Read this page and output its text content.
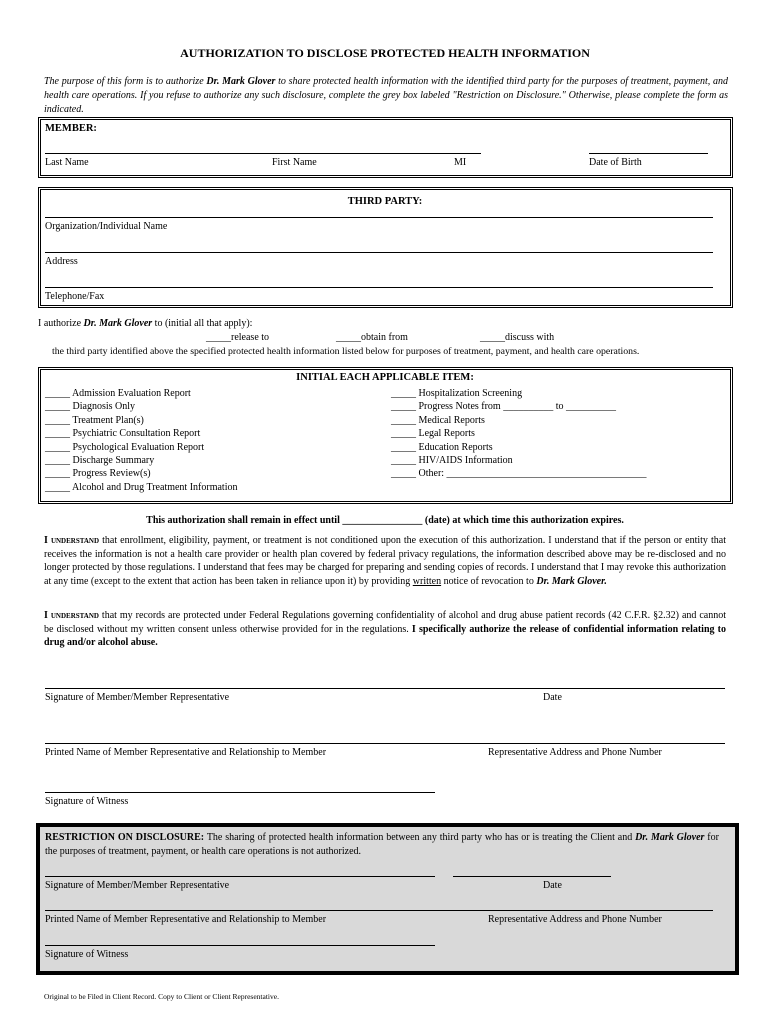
AUTHORIZATION TO DISCLOSE PROTECTED HEALTH INFORMATION
The purpose of this form is to authorize Dr. Mark Glover to share protected health information with the identified third party for the purposes of treatment, payment, and health care operations. If you refuse to authorize any such disclosure, complete the grey box labeled "Restriction on Disclosure." Otherwise, please complete the form as indicated.
MEMBER:
Last Name	First Name	MI	Date of Birth
THIRD PARTY:
Organization/Individual Name
Address
Telephone/Fax
I authorize Dr. Mark Glover to (initial all that apply):
_____release to	_____obtain from	_____discuss with
the third party identified above the specified protected health information listed below for purposes of treatment, payment, and health care operations.
INITIAL EACH APPLICABLE ITEM:
_____ Admission Evaluation Report
_____ Diagnosis Only
_____ Treatment Plan(s)
_____ Psychiatric Consultation Report
_____ Psychological Evaluation Report
_____ Discharge Summary
_____ Progress Review(s)
_____ Alcohol and Drug Treatment Information
_____ Hospitalization Screening
_____ Progress Notes from __________ to __________
_____ Medical Reports
_____ Legal Reports
_____ Education Reports
_____ HIV/AIDS Information
_____ Other: ________________________________________
This authorization shall remain in effect until ________________ (date) at which time this authorization expires.
I understand that enrollment, eligibility, payment, or treatment is not conditioned upon the execution of this authorization. I understand that if the person or entity that receives the information is not a health care provider or health plan covered by federal privacy regulations, the information described above may be re-disclosed and no longer protected by those regulations. I understand that fees may be charged for preparing and sending copies of records. I understand that I may revoke this authorization at any time (except to the extent that action has been taken in reliance upon it) by providing written notice of revocation to Dr. Mark Glover.
I understand that my records are protected under Federal Regulations governing confidentiality of alcohol and drug abuse patient records (42 C.F.R. §2.32) and cannot be disclosed without my written consent unless otherwise provided for in the regulations. I specifically authorize the release of confidential information relating to drug and/or alcohol abuse.
Signature of Member/Member Representative	Date
Printed Name of Member Representative and Relationship to Member	Representative Address and Phone Number
Signature of Witness
RESTRICTION ON DISCLOSURE: The sharing of protected health information between any third party who has or is treating the Client and Dr. Mark Glover for the purposes of treatment, payment, or health care operations is not authorized.
Signature of Member/Member Representative	Date
Printed Name of Member Representative and Relationship to Member	Representative Address and Phone Number
Signature of Witness
Original to be Filed in Client Record. Copy to Client or Client Representative.
